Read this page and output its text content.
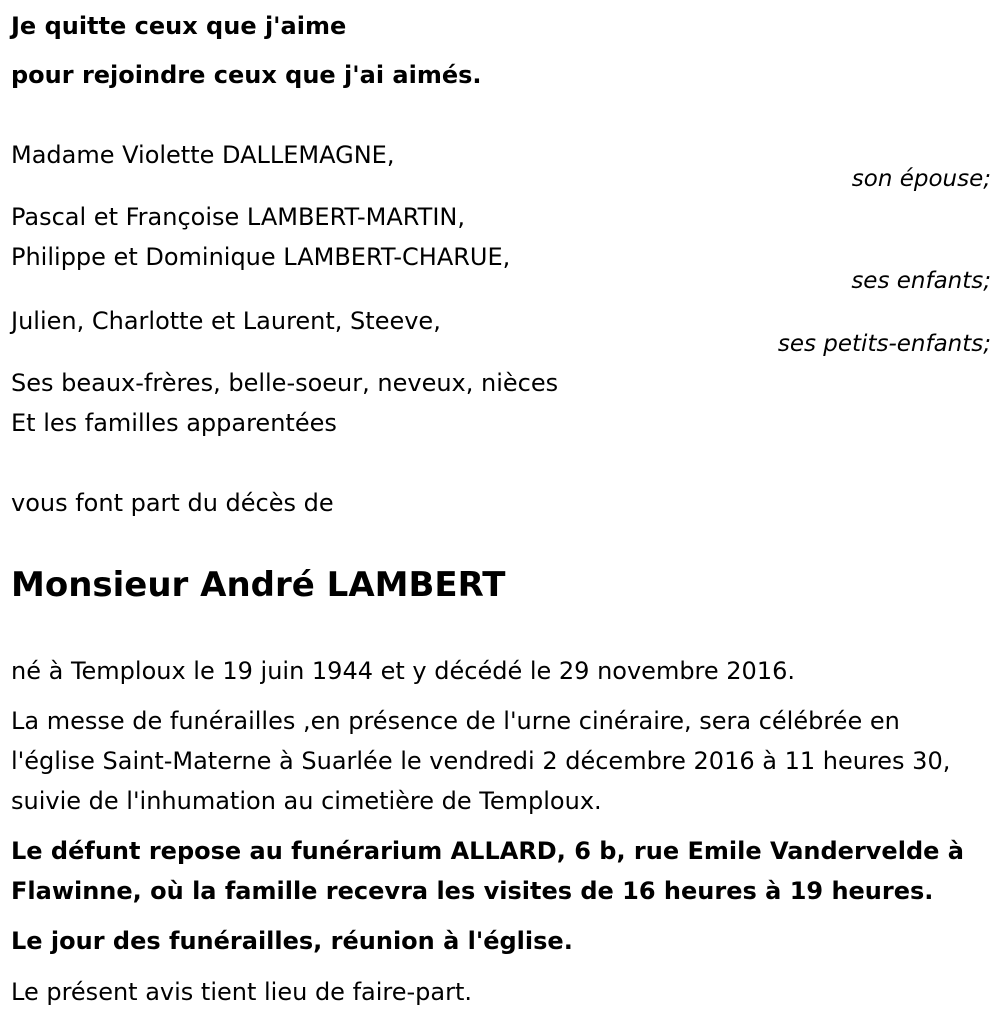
Je quitte ceux que j'aime
pour rejoindre ceux que j'ai aimés.
Madame Violette DALLEMAGNE,
son épouse;
Pascal et Françoise LAMBERT-MARTIN,
Philippe et Dominique LAMBERT-CHARUE,
ses enfants;
Julien, Charlotte et Laurent, Steeve,
ses petits-enfants;
Ses beaux-frères, belle-soeur, neveux, nièces
Et les familles apparentées
vous font part du décès de
Monsieur André LAMBERT
né à Temploux le 19 juin 1944 et y décédé le 29 novembre 2016.
La messe de funérailles ,en présence de l'urne cinéraire, sera célébrée en l'église Saint-Materne à Suarlée le vendredi 2 décembre 2016 à 11 heures 30, suivie de l'inhumation au cimetière de Temploux.
Le défunt repose au funérarium ALLARD, 6 b, rue Emile Vandervelde à Flawinne, où la famille recevra les visites de 16 heures à 19 heures.
Le jour des funérailles, réunion à l'église.
Le présent avis tient lieu de faire-part.
